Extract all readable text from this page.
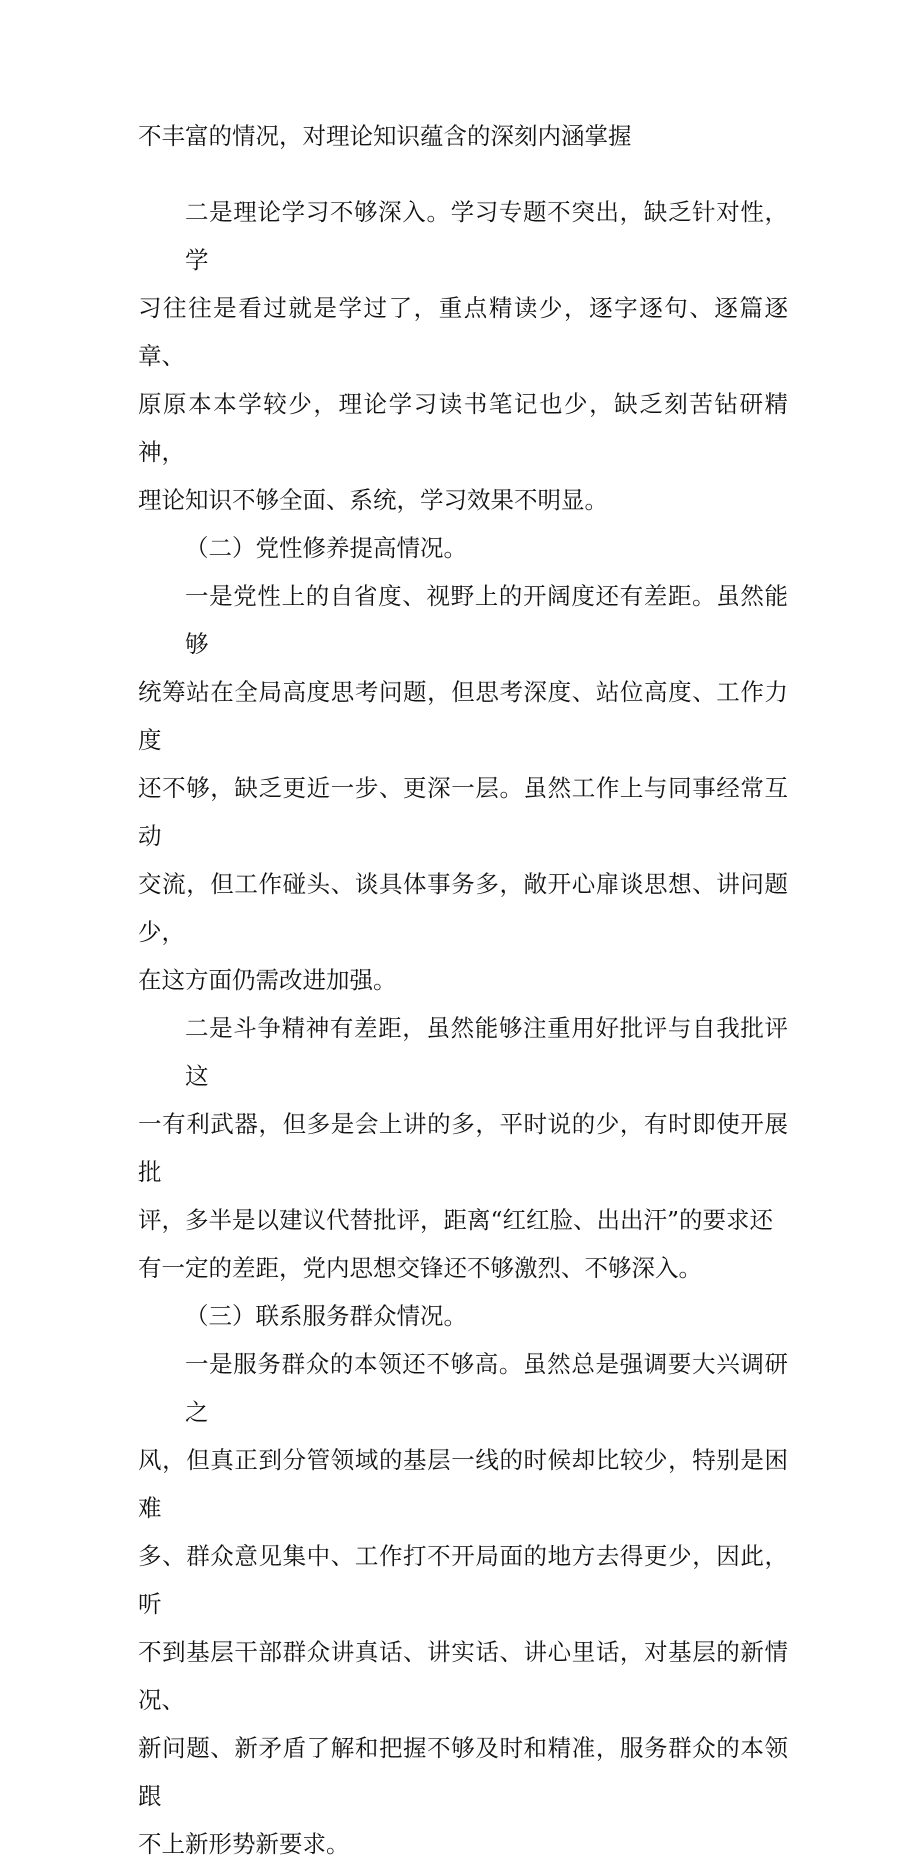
不丰富的情况，对理论知识蕴含的深刻内涵掌握

二是理论学习不够深入。学习专题不突出，缺乏针对性，学
习往往是看过就是学过了，重点精读少，逐字逐句、逐篇逐章、
原原本本学较少，理论学习读书笔记也少，缺乏刻苦钻研精神，
理论知识不够全面、系统，学习效果不明显。

（二）党性修养提高情况。

一是党性上的自省度、视野上的开阔度还有差距。虽然能够
统筹站在全局高度思考问题，但思考深度、站位高度、工作力度
还不够，缺乏更近一步、更深一层。虽然工作上与同事经常互动
交流，但工作碰头、谈具体事务多，敞开心扉谈思想、讲问题少，
在这方面仍需改进加强。

二是斗争精神有差距，虽然能够注重用好批评与自我批评这
一有利武器，但多是会上讲的多，平时说的少，有时即使开展批
评，多半是以建议代替批评，距离“红红脸、出出汗”的要求还
有一定的差距，党内思想交锋还不够激烈、不够深入。

（三）联系服务群众情况。

一是服务群众的本领还不够高。虽然总是强调要大兴调研之
风，但真正到分管领域的基层一线的时候却比较少，特别是困难
多、群众意见集中、工作打不开局面的地方去得更少，因此，听
不到基层干部群众讲真话、讲实话、讲心里话，对基层的新情况、
新问题、新矛盾了解和把握不够及时和精准，服务群众的本领跟
不上新形势新要求。
